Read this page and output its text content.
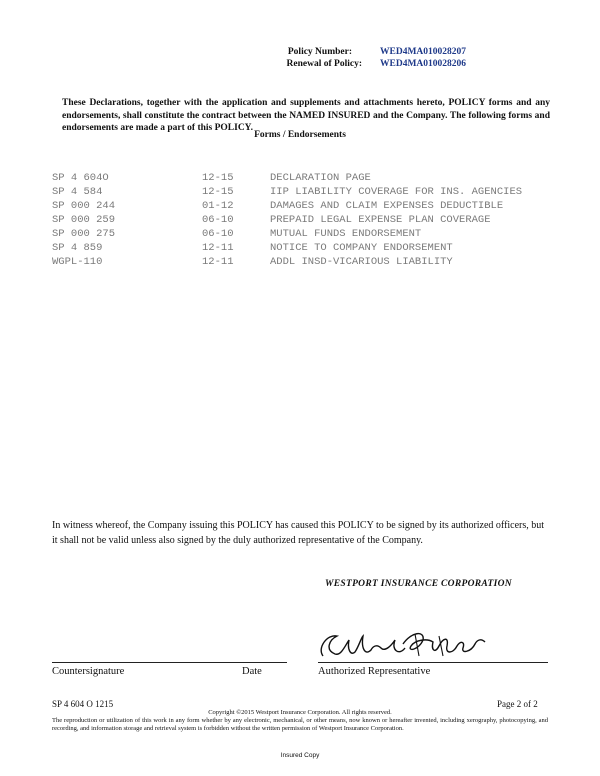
Policy Number:	WED4MA010028207
Renewal of Policy: WED4MA010028206
These Declarations, together with the application and supplements and attachments hereto, POLICY forms and any endorsements, shall constitute the contract between the NAMED INSURED and the Company. The following forms and endorsements are made a part of this POLICY.
Forms / Endorsements
SP 4 604O	12-15	DECLARATION PAGE
SP 4 584	12-15	IIP LIABILITY COVERAGE FOR INS. AGENCIES
SP 000 244	01-12	DAMAGES AND CLAIM EXPENSES DEDUCTIBLE
SP 000 259	06-10	PREPAID LEGAL EXPENSE PLAN COVERAGE
SP 000 275	06-10	MUTUAL FUNDS ENDORSEMENT
SP 4 859	12-11	NOTICE TO COMPANY ENDORSEMENT
WGPL-110	12-11	ADDL INSD-VICARIOUS LIABILITY
In witness whereof, the Company issuing this POLICY has caused this POLICY to be signed by its authorized officers, but it shall not be valid unless also signed by the duly authorized representative of the Company.
WESTPORT INSURANCE CORPORATION
Countersignature	Date	Authorized Representative
SP 4 604 O 1215	Page 2 of 2
Copyright ©2015 Westport Insurance Corporation. All rights reserved.
The reproduction or utilization of this work in any form whether by any electronic, mechanical, or other means, now known or hereafter invented, including xerography, photocopying, and recording, and information storage and retrieval system is forbidden without the written permission of Westport Insurance Corporation.
Insured Copy
